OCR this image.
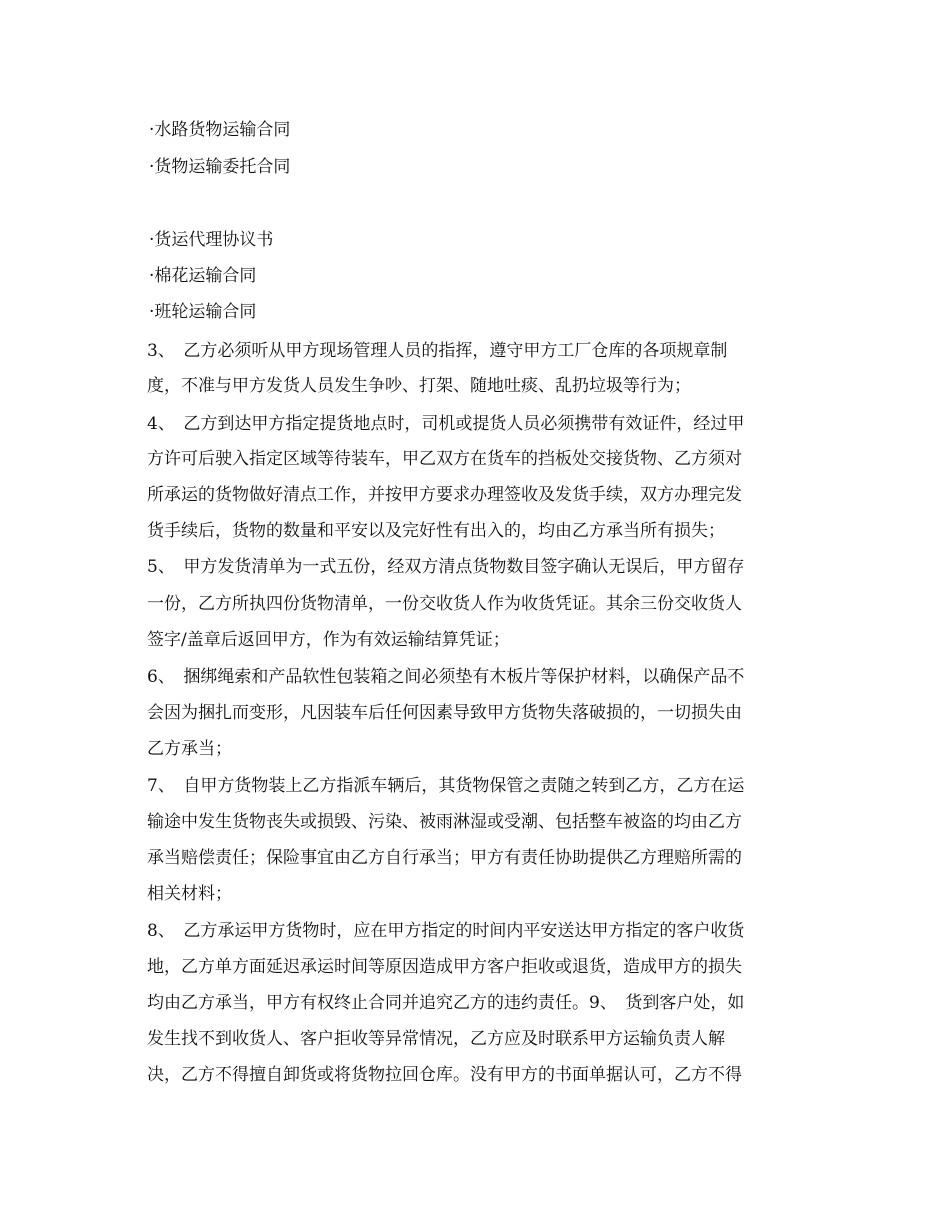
·水路货物运输合同
·货物运输委托合同
·货运代理协议书
·棉花运输合同
·班轮运输合同
3、　乙方必须听从甲方现场管理人员的指挥，遵守甲方工厂仓库的各项规章制
度，不准与甲方发货人员发生争吵、打架、随地吐痰、乱扔垃圾等行为；
4、　乙方到达甲方指定提货地点时，司机或提货人员必须携带有效证件，经过甲
方许可后驶入指定区域等待装车，甲乙双方在货车的挡板处交接货物、乙方须对
所承运的货物做好清点工作，并按甲方要求办理签收及发货手续，双方办理完发
货手续后，货物的数量和平安以及完好性有出入的，均由乙方承当所有损失；
5、　甲方发货清单为一式五份，经双方清点货物数目签字确认无误后，甲方留存
一份，乙方所执四份货物清单，一份交收货人作为收货凭证。其余三份交收货人
签字/盖章后返回甲方，作为有效运输结算凭证；
6、　捆绑绳索和产品软性包装箱之间必须垫有木板片等保护材料，以确保产品不
会因为捆扎而变形，凡因装车后任何因素导致甲方货物失落破损的，一切损失由
乙方承当；
7、　自甲方货物装上乙方指派车辆后，其货物保管之责随之转到乙方，乙方在运
输途中发生货物丧失或损毁、污染、被雨淋湿或受潮、包括整车被盗的均由乙方
承当赔偿责任；保险事宜由乙方自行承当；甲方有责任协助提供乙方理赔所需的
相关材料；
8、　乙方承运甲方货物时，应在甲方指定的时间内平安送达甲方指定的客户收货
地，乙方单方面延迟承运时间等原因造成甲方客户拒收或退货，造成甲方的损失
均由乙方承当，甲方有权终止合同并追究乙方的违约责任。9、　货到客户处，如
发生找不到收货人、客户拒收等异常情况，乙方应及时联系甲方运输负责人解
决，乙方不得擅自卸货或将货物拉回仓库。没有甲方的书面单据认可，乙方不得
